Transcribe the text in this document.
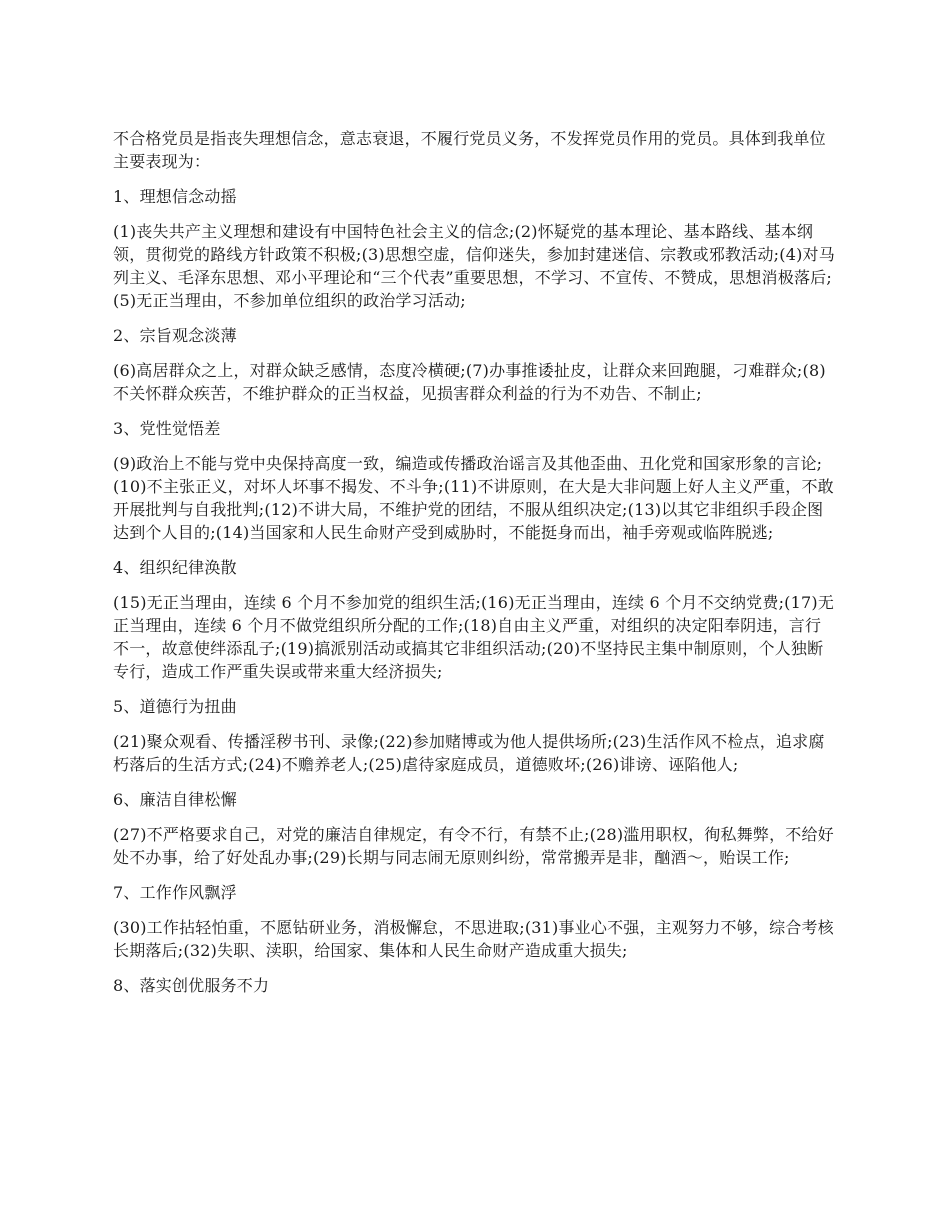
不合格党员是指丧失理想信念，意志衰退，不履行党员义务，不发挥党员作用的党员。具体到我单位主要表现为：

1、理想信念动摇

(1)丧失共产主义理想和建设有中国特色社会主义的信念;(2)怀疑党的基本理论、基本路线、基本纲领，贯彻党的路线方针政策不积极;(3)思想空虚，信仰迷失，参加封建迷信、宗教或邪教活动;(4)对马列主义、毛泽东思想、邓小平理论和“三个代表”重要思想，不学习、不宣传、不赞成，思想消极落后;(5)无正当理由，不参加单位组织的政治学习活动;

2、宗旨观念淡薄

(6)高居群众之上，对群众缺乏感情，态度冷横硬;(7)办事推诿扯皮，让群众来回跑腿，刁难群众;(8)不关怀群众疾苦，不维护群众的正当权益，见损害群众利益的行为不劝告、不制止;

3、党性觉悟差

(9)政治上不能与党中央保持高度一致，编造或传播政治谣言及其他歪曲、丑化党和国家形象的言论;(10)不主张正义，对坏人坏事不揭发、不斗争;(11)不讲原则，在大是大非问题上好人主义严重，不敢开展批判与自我批判;(12)不讲大局，不维护党的团结，不服从组织决定;(13)以其它非组织手段企图达到个人目的;(14)当国家和人民生命财产受到威胁时，不能挺身而出，袖手旁观或临阵脱逃;

4、组织纪律涣散

(15)无正当理由，连续 6 个月不参加党的组织生活;(16)无正当理由，连续 6 个月不交纳党费;(17)无正当理由，连续 6 个月不做党组织所分配的工作;(18)自由主义严重，对组织的决定阳奉阴违，言行不一，故意使绊添乱子;(19)搞派别活动或搞其它非组织活动;(20)不坚持民主集中制原则，个人独断专行，造成工作严重失误或带来重大经济损失;

5、道德行为扭曲

(21)聚众观看、传播淫秽书刊、录像;(22)参加赌博或为他人提供场所;(23)生活作风不检点，追求腐朽落后的生活方式;(24)不赡养老人;(25)虐待家庭成员，道德败坏;(26)诽谤、诬陷他人;

6、廉洁自律松懈

(27)不严格要求自己，对党的廉洁自律规定，有令不行，有禁不止;(28)滥用职权，徇私舞弊，不给好处不办事，给了好处乱办事;(29)长期与同志闹无原则纠纷，常常搬弄是非，酗酒～，贻误工作;

7、工作作风飘浮

(30)工作拈轻怕重，不愿钻研业务，消极懈怠，不思进取;(31)事业心不强，主观努力不够，综合考核长期落后;(32)失职、渎职，给国家、集体和人民生命财产造成重大损失;

8、落实创优服务不力
